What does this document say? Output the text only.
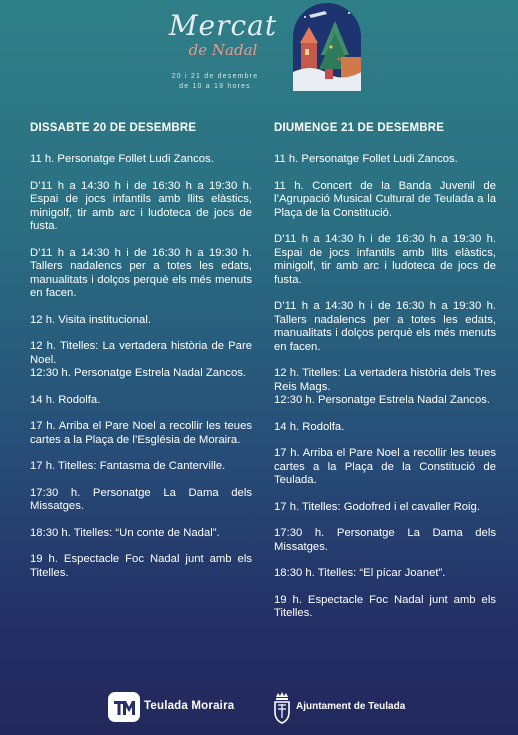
Mercat
de Nadal
20 i 21 de desembre
de 10 a 19 hores
DISSABTE 20 DE DESEMBRE

11 h. Personatge Follet Ludi Zancos.

D’11 h a 14:30 h i de 16:30 h a 19:30 h. Espai de jocs infantils amb llits elàstics, minigolf, tir amb arc i ludoteca de jocs de fusta.

D’11 h a 14:30 h i de 16:30 h a 19:30 h. Tallers nadalencs per a totes les edats, manualitats i dolços perquè els més menuts en facen.

12 h. Visita institucional.

12 h. Titelles: La vertadera història de Pare Noel.
12:30 h. Personatge Estrela Nadal Zancos.

14 h. Rodolfa.

17 h. Arriba el Pare Noel a recollir les teues cartes a la Plaça de l’Església de Moraira.

17 h. Titelles: Fantasma de Canterville.

17:30 h. Personatge La Dama dels Missatges.

18:30 h. Titelles: “Un conte de Nadal”.

19 h. Espectacle Foc Nadal junt amb els Titelles.

DIUMENGE 21 DE DESEMBRE

11 h. Personatge Follet Ludi Zancos.

11 h. Concert de la Banda Juvenil de l’Agrupació Musical Cultural de Teulada a la Plaça de la Constitució.

D’11 h a 14:30 h i de 16:30 h a 19:30 h. Espai de jocs infantils amb llits elàstics, minigolf, tir amb arc i ludoteca de jocs de fusta.

D’11 h a 14:30 h i de 16:30 h a 19:30 h. Tallers nadalencs per a totes les edats, manualitats i dolços perquè els més menuts en facen.

12 h. Titelles: La vertadera història dels Tres Reis Mags.
12:30 h. Personatge Estrela Nadal Zancos.

14 h. Rodolfa.

17 h. Arriba el Pare Noel a recollir les teues cartes a la Plaça de la Constitució de Teulada.

17 h. Titelles: Godofred i el cavaller Roig.

17:30 h. Personatge La Dama dels Missatges.

18:30 h. Titelles: “El pícar Joanet”.

19 h. Espectacle Foc Nadal junt amb els Titelles.

Teulada Moraira	Ajuntament de Teulada
